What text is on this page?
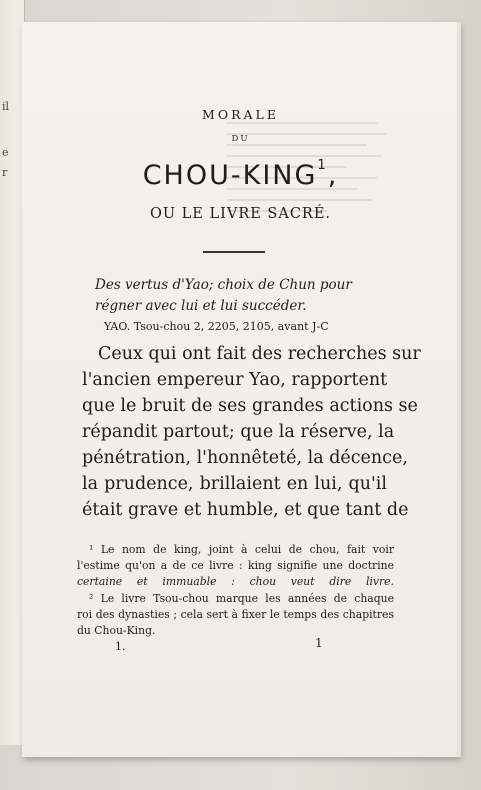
il
e
r
MORALE
DU
CHOU-KING$^1$,
OU LE LIVRE SACRÉ.
Des vertus d'Yao; choix de Chun pour
régner avec lui et lui succéder.
YAO. Tsou-chou 2, 2205, 2105, avant J-C
Ceux qui ont fait des recherches sur
l'ancien empereur Yao, rapportent
que le bruit de ses grandes actions se
répandit partout; que la réserve, la
pénétration, l'honnêteté, la décence,
la prudence, brillaient en lui, qu'il
était grave et humble, et que tant de
¹ Le nom de king, joint à celui de chou, fait voir
l'estime qu'on a de ce livre : king signifie une doctrine
certaine et immuable : chou veut dire livre.
² Le livre Tsou-chou marque les années de chaque
roi des dynasties ; cela sert à fixer le temps des chapitres
du Chou-King.
1.	1
